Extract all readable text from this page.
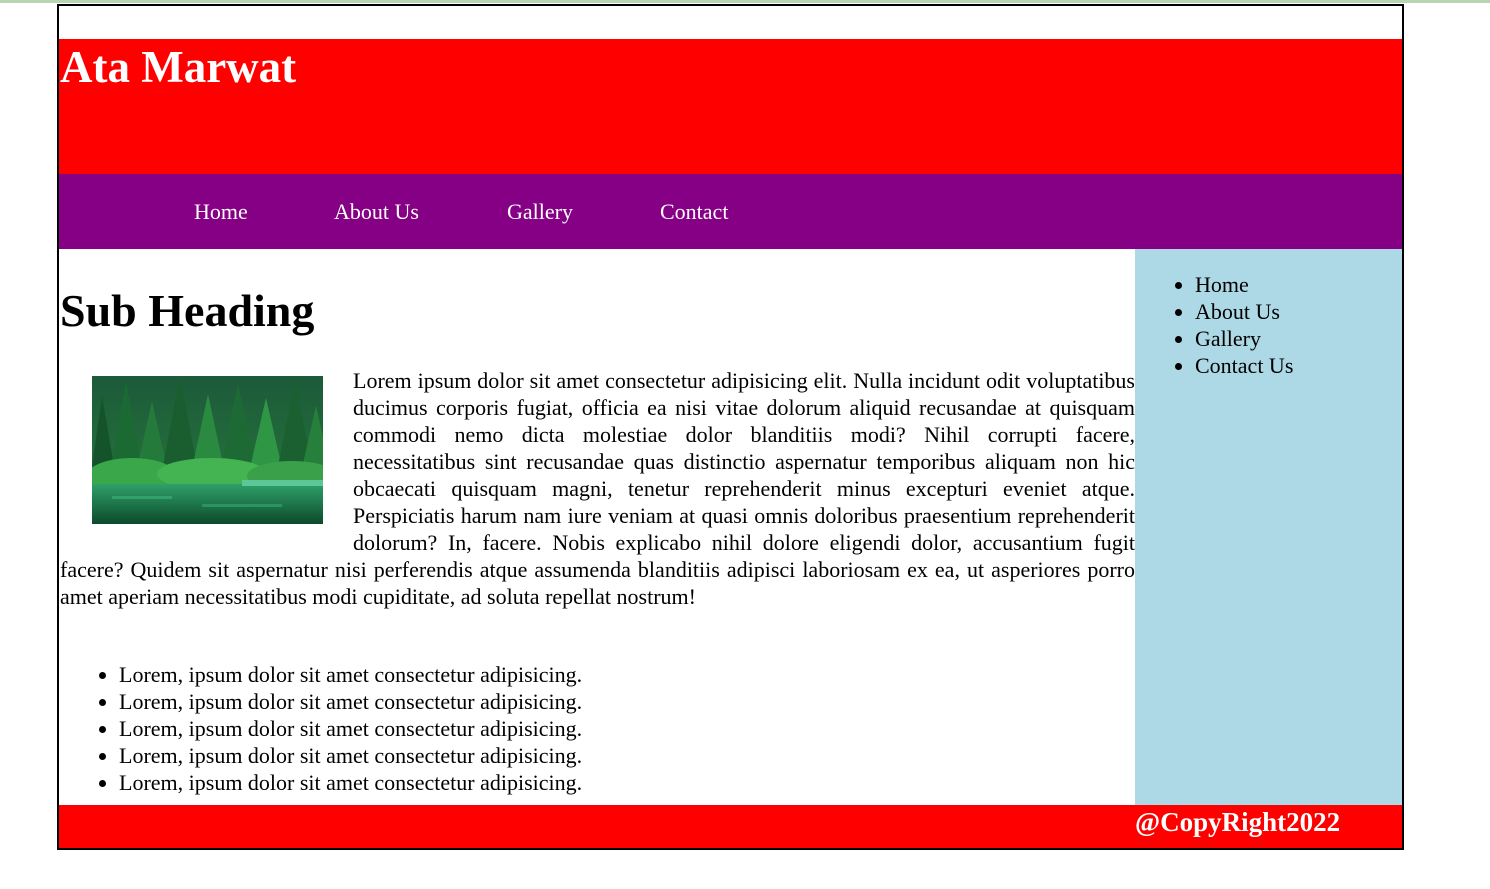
Ata Marwat
Home	About Us	Gallery	Contact
Sub Heading
Lorem ipsum dolor sit amet consectetur adipisicing elit. Nulla incidunt odit voluptatibus ducimus corporis fugiat, officia ea nisi vitae dolorum aliquid recusandae at quisquam commodi nemo dicta molestiae dolor blanditiis modi? Nihil corrupti facere, necessitatibus sint recusandae quas distinctio aspernatur temporibus aliquam non hic obcaecati quisquam magni, tenetur reprehenderit minus excepturi eveniet atque. Perspiciatis harum nam iure veniam at quasi omnis doloribus praesentium reprehenderit dolorum? In, facere. Nobis explicabo nihil dolore eligendi dolor, accusantium fugit facere? Quidem sit aspernatur nisi perferendis atque assumenda blanditiis adipisci laboriosam ex ea, ut asperiores porro amet aperiam necessitatibus modi cupiditate, ad soluta repellat nostrum!
• Lorem, ipsum dolor sit amet consectetur adipisicing.
• Lorem, ipsum dolor sit amet consectetur adipisicing.
• Lorem, ipsum dolor sit amet consectetur adipisicing.
• Lorem, ipsum dolor sit amet consectetur adipisicing.
• Lorem, ipsum dolor sit amet consectetur adipisicing.
• Home
• About Us
• Gallery
• Contact Us
@CopyRight2022
